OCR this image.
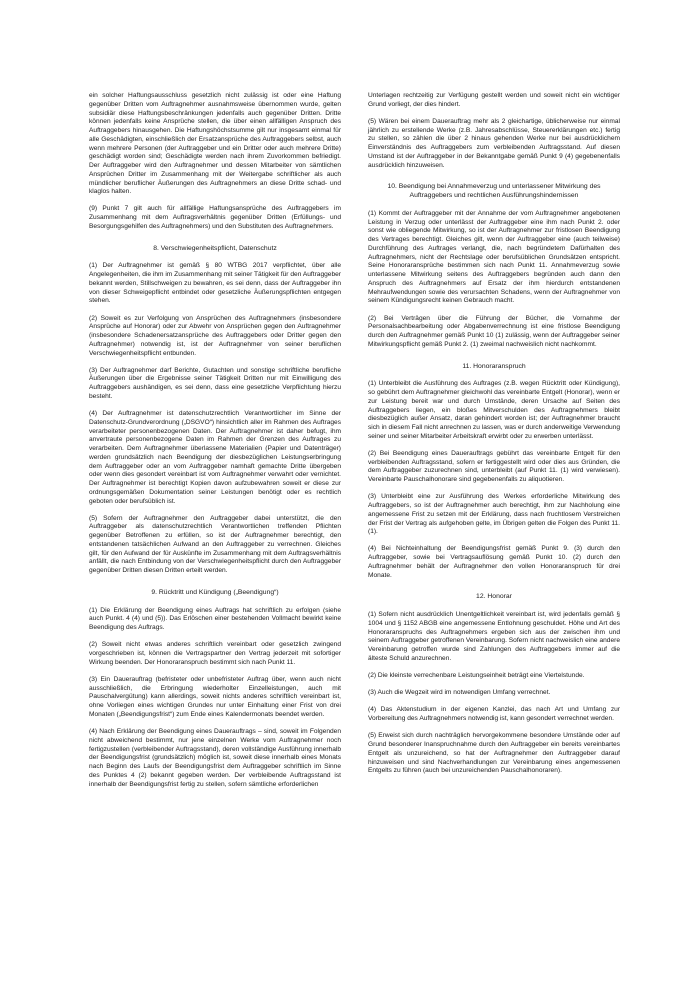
ein solcher Haftungsausschluss gesetzlich nicht zulässig ist oder eine Haftung gegenüber Dritten vom Auftragnehmer ausnahmsweise übernommen wurde, gelten subsidiär diese Haftungsbeschränkungen jedenfalls auch gegenüber Dritten. Dritte können jedenfalls keine Ansprüche stellen, die über einen allfälligen Anspruch des Auftraggebers hinausgehen. Die Haftungshöchstsumme gilt nur insgesamt einmal für alle Geschädigten, einschließlich der Ersatzansprüche des Auftraggebers selbst, auch wenn mehrere Personen (der Auftraggeber und ein Dritter oder auch mehrere Dritte) geschädigt worden sind; Geschädigte werden nach ihrem Zuvorkommen befriedigt. Der Auftraggeber wird den Auftragnehmer und dessen Mitarbeiter von sämtlichen Ansprüchen Dritter im Zusammenhang mit der Weitergabe schriftlicher als auch mündlicher beruflicher Äußerungen des Auftragnehmers an diese Dritte schad- und klaglos halten.

(9) Punkt 7 gilt auch für allfällige Haftungsansprüche des Auftraggebers im Zusammenhang mit dem Auftragsverhältnis gegenüber Dritten (Erfüllungs- und Besorgungsgehilfen des Auftragnehmers) und den Substituten des Auftragnehmers.

8. Verschwiegenheitspflicht, Datenschutz

(1) Der Auftragnehmer ist gemäß § 80 WTBG 2017 verpflichtet, über alle Angelegenheiten, die ihm im Zusammenhang mit seiner Tätigkeit für den Auftraggeber bekannt werden, Stillschweigen zu bewahren, es sei denn, dass der Auftraggeber ihn von dieser Schweigepflicht entbindet oder gesetzliche Äußerungspflichten entgegen stehen.

(2) Soweit es zur Verfolgung von Ansprüchen des Auftragnehmers (insbesondere Ansprüche auf Honorar) oder zur Abwehr von Ansprüchen gegen den Auftragnehmer (insbesondere Schadenersatzansprüche des Auftraggebers oder Dritter gegen den Auftragnehmer) notwendig ist, ist der Auftragnehmer von seiner beruflichen Verschwiegenheitspflicht entbunden.

(3) Der Auftragnehmer darf Berichte, Gutachten und sonstige schriftliche berufliche Äußerungen über die Ergebnisse seiner Tätigkeit Dritten nur mit Einwilligung des Auftraggebers aushändigen, es sei denn, dass eine gesetzliche Verpflichtung hierzu besteht.

(4) Der Auftragnehmer ist datenschutzrechtlich Verantwortlicher im Sinne der Datenschutz-Grundverordnung („DSGVO“) hinsichtlich aller im Rahmen des Auftrages verarbeiteter personenbezogenen Daten. Der Auftragnehmer ist daher befugt, ihm anvertraute personenbezogene Daten im Rahmen der Grenzen des Auftrages zu verarbeiten. Dem Auftragnehmer überlassene Materialien (Papier und Datenträger) werden grundsätzlich nach Beendigung der diesbezüglichen Leistungserbringung dem Auftraggeber oder an vom Auftraggeber namhaft gemachte Dritte übergeben oder wenn dies gesondert vereinbart ist vom Auftragnehmer verwahrt oder vernichtet. Der Auftragnehmer ist berechtigt Kopien davon aufzubewahren soweit er diese zur ordnungsgemäßen Dokumentation seiner Leistungen benötigt oder es rechtlich geboten oder berufsüblich ist.

(5) Sofern der Auftragnehmer den Auftraggeber dabei unterstützt, die den Auftraggeber als datenschutzrechtlich Verantwortlichen treffenden Pflichten gegenüber Betroffenen zu erfüllen, so ist der Auftragnehmer berechtigt, den entstandenen tatsächlichen Aufwand an den Auftraggeber zu verrechnen. Gleiches gilt, für den Aufwand der für Auskünfte im Zusammenhang mit dem Auftragsverhältnis anfällt, die nach Entbindung von der Verschwiegenheitspflicht durch den Auftraggeber gegenüber Dritten diesen Dritten erteilt werden.

9. Rücktritt und Kündigung („Beendigung“)

(1) Die Erklärung der Beendigung eines Auftrags hat schriftlich zu erfolgen (siehe auch Punkt. 4 (4) und (5)). Das Erlöschen einer bestehenden Vollmacht bewirkt keine Beendigung des Auftrags.

(2) Soweit nicht etwas anderes schriftlich vereinbart oder gesetzlich zwingend vorgeschrieben ist, können die Vertragspartner den Vertrag jederzeit mit sofortiger Wirkung beenden. Der Honoraranspruch bestimmt sich nach Punkt 11.

(3) Ein Dauerauftrag (befristeter oder unbefristeter Auftrag über, wenn auch nicht ausschließlich, die Erbringung wiederholter Einzelleistungen, auch mit Pauschalvergütung) kann allerdings, soweit nichts anderes schriftlich vereinbart ist, ohne Vorliegen eines wichtigen Grundes nur unter Einhaltung einer Frist von drei Monaten („Beendigungsfrist“) zum Ende eines Kalendermonats beendet werden.

(4) Nach Erklärung der Beendigung eines Dauerauftrags – sind, soweit im Folgenden nicht abweichend bestimmt, nur jene einzelnen Werke vom Auftragnehmer noch fertigzustellen (verbleibender Auftragsstand), deren vollständige Ausführung innerhalb der Beendigungsfrist (grundsätzlich) möglich ist, soweit diese innerhalb eines Monats nach Beginn des Laufs der Beendigungsfrist dem Auftraggeber schriftlich im Sinne des Punktes 4 (2) bekannt gegeben werden. Der verbleibende Auftragsstand ist innerhalb der Beendigungsfrist fertig zu stellen, sofern sämtliche erforderlichen

Unterlagen rechtzeitig zur Verfügung gestellt werden und soweit nicht ein wichtiger Grund vorliegt, der dies hindert.

(5) Wären bei einem Dauerauftrag mehr als 2 gleichartige, üblicherweise nur einmal jährlich zu erstellende Werke (z.B. Jahresabschlüsse, Steuererklärungen etc.) fertig zu stellen, so zählen die über 2 hinaus gehenden Werke nur bei ausdrücklichem Einverständnis des Auftraggebers zum verbleibenden Auftragsstand. Auf diesen Umstand ist der Auftraggeber in der Bekanntgabe gemäß Punkt 9 (4) gegebenenfalls ausdrücklich hinzuweisen.

10. Beendigung bei Annahmeverzug und unterlassener Mitwirkung des Auftraggebers und rechtlichen Ausführungshindernissen

(1) Kommt der Auftraggeber mit der Annahme der vom Auftragnehmer angebotenen Leistung in Verzug oder unterlässt der Auftraggeber eine ihm nach Punkt 2. oder sonst wie obliegende Mitwirkung, so ist der Auftragnehmer zur fristlosen Beendigung des Vertrages berechtigt. Gleiches gilt, wenn der Auftraggeber eine (auch teilweise) Durchführung des Auftrages verlangt, die, nach begründetem Dafürhalten des Auftragnehmers, nicht der Rechtslage oder berufsüblichen Grundsätzen entspricht. Seine Honoraransprüche bestimmen sich nach Punkt 11. Annahmeverzug sowie unterlassene Mitwirkung seitens des Auftraggebers begründen auch dann den Anspruch des Auftragnehmers auf Ersatz der ihm hierdurch entstandenen Mehraufwendungen sowie des verursachten Schadens, wenn der Auftragnehmer von seinem Kündigungsrecht keinen Gebrauch macht.

(2) Bei Verträgen über die Führung der Bücher, die Vornahme der Personalsachbearbeitung oder Abgabenverrechnung ist eine fristlose Beendigung durch den Auftragnehmer gemäß Punkt 10 (1) zulässig, wenn der Auftraggeber seiner Mitwirkungspflicht gemäß Punkt 2. (1) zweimal nachweislich nicht nachkommt.

11. Honoraranspruch

(1) Unterbleibt die Ausführung des Auftrages (z.B. wegen Rücktritt oder Kündigung), so gebührt dem Auftragnehmer gleichwohl das vereinbarte Entgelt (Honorar), wenn er zur Leistung bereit war und durch Umstände, deren Ursache auf Seiten des Auftraggebers liegen, ein bloßes Mitverschulden des Auftragnehmers bleibt diesbezüglich außer Ansatz, daran gehindert worden ist; der Auftragnehmer braucht sich in diesem Fall nicht anrechnen zu lassen, was er durch anderweitige Verwendung seiner und seiner Mitarbeiter Arbeitskraft erwirbt oder zu erwerben unterlässt.

(2) Bei Beendigung eines Dauerauftrags gebührt das vereinbarte Entgelt für den verbleibenden Auftragsstand, sofern er fertiggestellt wird oder dies aus Gründen, die dem Auftraggeber zuzurechnen sind, unterbleibt (auf Punkt 11. (1) wird verwiesen). Vereinbarte Pauschalhonorare sind gegebenenfalls zu aliquotieren.

(3) Unterbleibt eine zur Ausführung des Werkes erforderliche Mitwirkung des Auftraggebers, so ist der Auftragnehmer auch berechtigt, ihm zur Nachholung eine angemessene Frist zu setzen mit der Erklärung, dass nach fruchtlosem Verstreichen der Frist der Vertrag als aufgehoben gelte, im Übrigen gelten die Folgen des Punkt 11. (1).

(4) Bei Nichteinhaltung der Beendigungsfrist gemäß Punkt 9. (3) durch den Auftraggeber, sowie bei Vertragsauflösung gemäß Punkt 10. (2) durch den Auftragnehmer behält der Auftragnehmer den vollen Honoraranspruch für drei Monate.

12. Honorar

(1) Sofern nicht ausdrücklich Unentgeltlichkeit vereinbart ist, wird jedenfalls gemäß § 1004 und § 1152 ABGB eine angemessene Entlohnung geschuldet. Höhe und Art des Honoraranspruchs des Auftragnehmers ergeben sich aus der zwischen ihm und seinem Auftraggeber getroffenen Vereinbarung. Sofern nicht nachweislich eine andere Vereinbarung getroffen wurde sind Zahlungen des Auftraggebers immer auf die älteste Schuld anzurechnen.

(2) Die kleinste verrechenbare Leistungseinheit beträgt eine Viertelstunde.

(3) Auch die Wegzeit wird im notwendigen Umfang verrechnet.

(4) Das Aktenstudium in der eigenen Kanzlei, das nach Art und Umfang zur Vorbereitung des Auftragnehmers notwendig ist, kann gesondert verrechnet werden.

(5) Erweist sich durch nachträglich hervorgekommene besondere Umstände oder auf Grund besonderer Inanspruchnahme durch den Auftraggeber ein bereits vereinbartes Entgelt als unzureichend, so hat der Auftragnehmer den Auftraggeber darauf hinzuweisen und sind Nachverhandlungen zur Vereinbarung eines angemessenen Entgelts zu führen (auch bei unzureichenden Pauschalhonoraren).
